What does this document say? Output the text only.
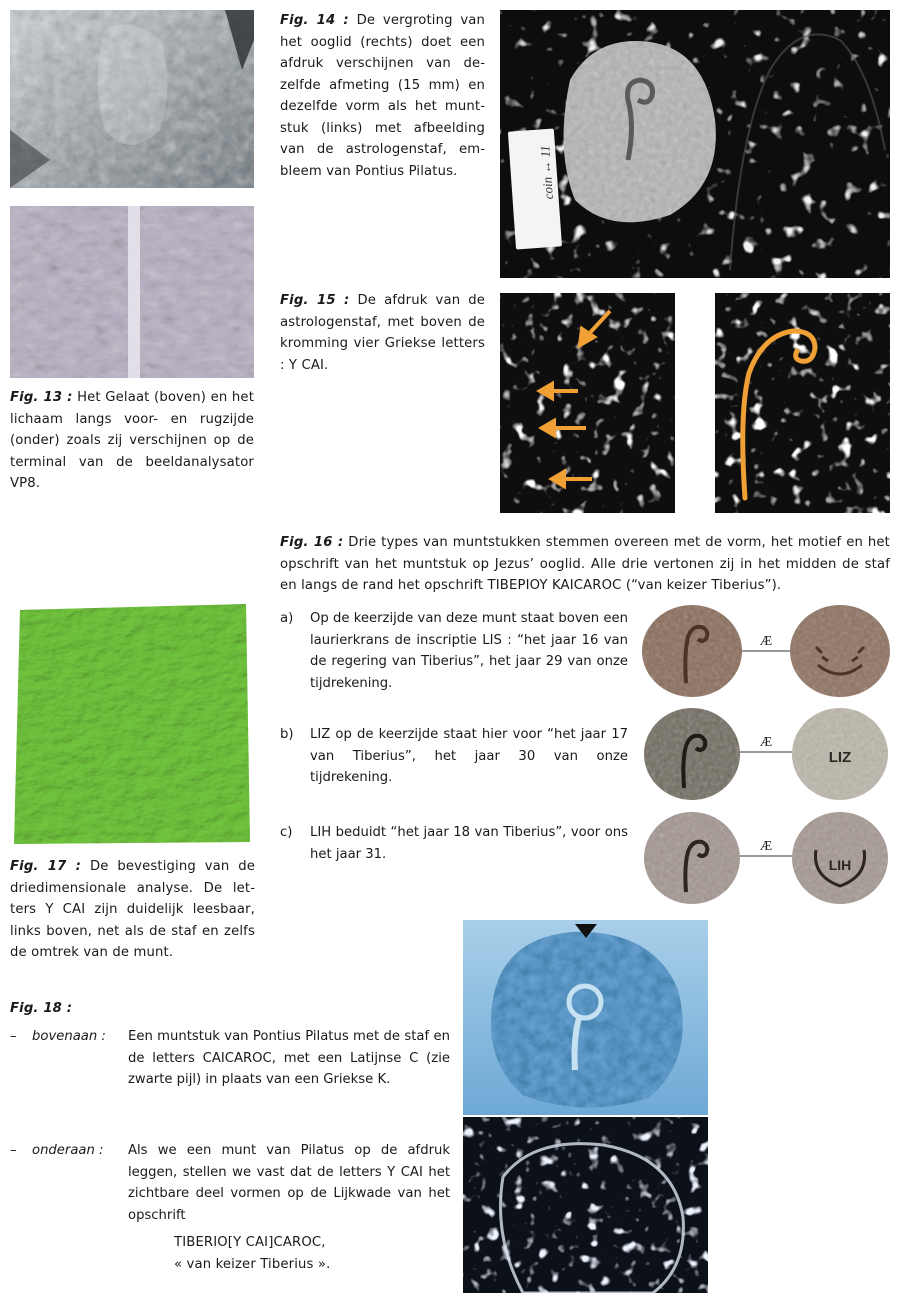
Fig. 13 : Het Gelaat (boven) en het lichaam langs voor- en rugzijde (onder) zoals zij verschijnen op de terminal van de beeldanalysator VP8.
Fig. 14 : De vergroting van het ooglid (rechts) doet een afdruk verschijnen van dezelfde afmeting (15 mm) en dezelfde vorm als het muntstuk (links) met afbeelding van de astrologenstaf, embleem van Pontius Pilatus.	coin ↔ 11
Fig. 15 : De afdruk van de astrologenstaf, met boven de kromming vier Griekse letters : Y CAI.
Fig. 16 : Drie types van muntstukken stemmen overeen met de vorm, het motief en het opschrift van het muntstuk op Jezus’ ooglid. Alle drie vertonen zij in het midden de staf en langs de rand het opschrift TIBEPIOY KAICAROC (“van keizer Tiberius”).
a) Op de keerzijde van deze munt staat boven een laurierkrans de inscriptie LIS : “het jaar 16 van de regering van Tiberius”, het jaar 29 van onze tijdrekening.
b) LIZ op de keerzijde staat hier voor “het jaar 17 van Tiberius”, het jaar 30 van onze tijdrekening.
c) LIH beduidt “het jaar 18 van Tiberius”, voor ons het jaar 31.
Æ
LIZ
Æ
LIH
Æ
Fig. 17 : De bevestiging van de driedimensionale analyse. De letters Y CAI zijn duidelijk leesbaar, links boven, net als de staf en zelfs de omtrek van de munt.
Fig. 18 :
– bovenaan : Een muntstuk van Pontius Pilatus met de staf en de letters CAICAROC, met een Latijnse C (zie zwarte pijl) in plaats van een Griekse K.
– onderaan : Als we een munt van Pilatus op de afdruk leggen, stellen we vast dat de letters Y CAI het zichtbare deel vormen op de Lijkwade van het opschrift
TIBERIO[Y CAI]CAROC,
« van keizer Tiberius ».
